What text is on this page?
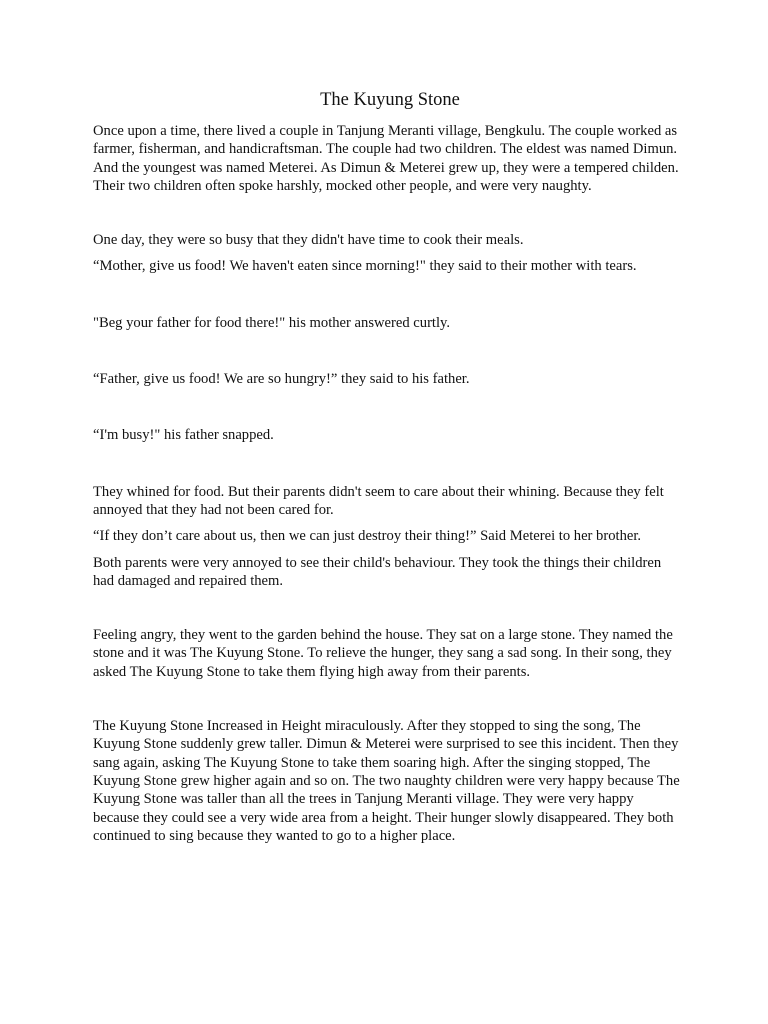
The Kuyung Stone

Once upon a time, there lived a couple in Tanjung Meranti village, Bengkulu. The couple worked as farmer, fisherman, and handicraftsman. The couple had two children. The eldest was named Dimun. And the youngest was named Meterei. As Dimun & Meterei grew up, they were a tempered childen. Their two children often spoke harshly, mocked other people, and were very naughty.

One day, they were so busy that they didn't have time to cook their meals.

“Mother, give us food! We haven't eaten since morning!" they said to their mother with tears.

"Beg your father for food there!" his mother answered curtly.

“Father, give us food! We are so hungry!” they said to his father.

“I'm busy!" his father snapped.

They whined for food. But their parents didn't seem to care about their whining. Because they felt annoyed that they had not been cared for.

“If they don’t care about us, then we can just destroy their thing!” Said Meterei to her brother.

Both parents were very annoyed to see their child's behaviour. They took the things their children had damaged and repaired them.

Feeling angry, they went to the garden behind the house. They sat on a large stone. They named the stone and it was The Kuyung Stone. To relieve the hunger, they sang a sad song. In their song, they asked The Kuyung Stone to take them flying high away from their parents.

The Kuyung Stone Increased in Height miraculously. After they stopped to sing the song, The Kuyung Stone suddenly grew taller. Dimun & Meterei were surprised to see this incident. Then they sang again, asking The Kuyung Stone to take them soaring high. After the singing stopped, The Kuyung Stone grew higher again and so on. The two naughty children were very happy because The Kuyung Stone was taller than all the trees in Tanjung Meranti village. They were very happy because they could see a very wide area from a height. Their hunger slowly disappeared. They both continued to sing because they wanted to go to a higher place.
